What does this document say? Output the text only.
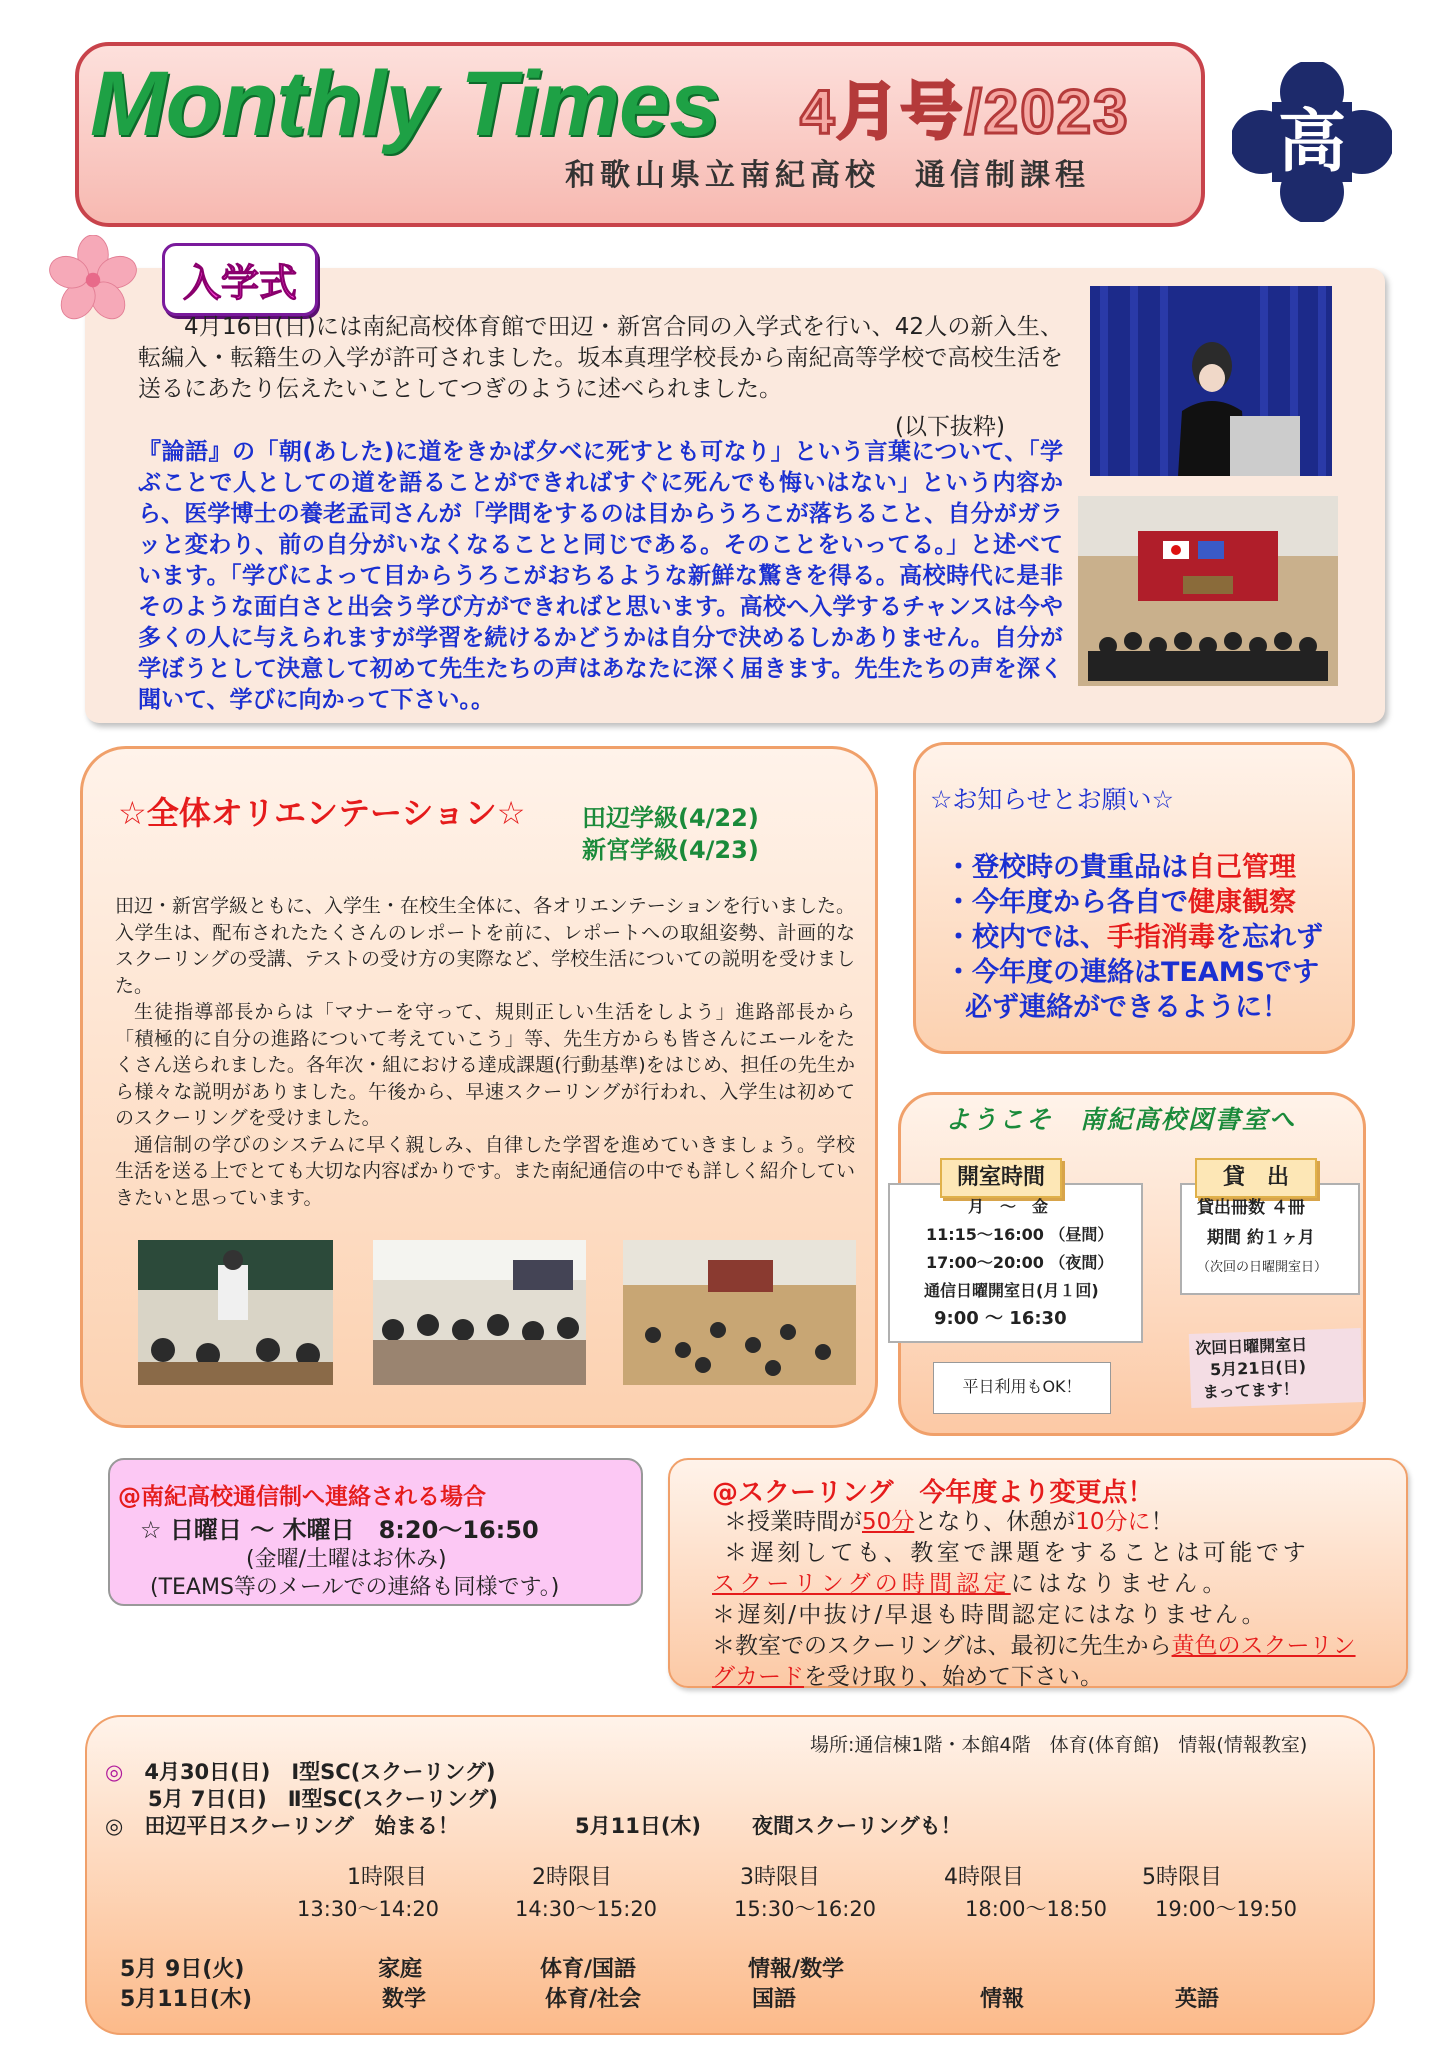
Monthly Times 4月号/2023
和歌山県立南紀高校　通信制課程	高
入学式

4月16日(日)には南紀高校体育館で田辺・新宮合同の入学式を行い、42人の新入生、転編入・転籍生の入学が許可されました。坂本真理学校長から南紀高等学校で高校生活を送るにあたり伝えたいことしてつぎのように述べられました。

(以下抜粋)
『論語』の「朝(あした)に道をきかば夕べに死すとも可なり」という言葉について、「学ぶことで人としての道を語ることができればすぐに死んでも悔いはない」という内容から、医学博士の養老孟司さんが「学問をするのは目からうろこが落ちること、自分がガラッと変わり、前の自分がいなくなることと同じである。そのことをいってる。」と述べています。「学びによって目からうろこがおちるような新鮮な驚きを得る。高校時代に是非そのような面白さと出会う学び方ができればと思います。高校へ入学するチャンスは今や多くの人に与えられますが学習を続けるかどうかは自分で決めるしかありません。自分が学ぼうとして決意して初めて先生たちの声はあなたに深く届きます。先生たちの声を深く聞いて、学びに向かって下さい。。
☆全体オリエンテーション☆ 田辺学級(4/22)
新宮学級(4/23)

田辺・新宮学級ともに、入学生・在校生全体に、各オリエンテーションを行いました。入学生は、配布されたたくさんのレポートを前に、レポートへの取組姿勢、計画的なスクーリングの受講、テストの受け方の実際など、学校生活についての説明を受けました。

生徒指導部長からは「マナーを守って、規則正しい生活をしよう」進路部長から「積極的に自分の進路について考えていこう」等、先生方からも皆さんにエールをたくさん送られました。各年次・組における達成課題(行動基準)をはじめ、担任の先生から様々な説明がありました。午後から、早速スクーリングが行われ、入学生は初めてのスクーリングを受けました。

通信制の学びのシステムに早く親しみ、自律した学習を進めていきましょう。学校生活を送る上でとても大切な内容ばかりです。また南紀通信の中でも詳しく紹介していきたいと思っています。

☆お知らせとお願い☆
・登校時の貴重品は自己管理
・今年度から各自で健康観察
・校内では、手指消毒を忘れず
・今年度の連絡はTEAMSです
必ず連絡ができるように！
ようこそ　南紀高校図書室へ
開室時間
月　～　金
11:15～16:00 （昼間）
17:00～20:00 （夜間）
通信日曜開室日(月１回)
9:00 ～ 16:30
貸　出
貸出冊数 ４冊
期間 約１ヶ月
（次回の日曜開室日）
平日利用もOK！
次回日曜開室日
5月21日(日)
まってます！
@南紀高校通信制へ連絡される場合
☆ 日曜日 ～ 木曜日　8:20～16:50
(金曜/土曜はお休み)
(TEAMS等のメールでの連絡も同様です。)
@スクーリング　今年度より変更点！
＊授業時間が50分となり、休憩が10分に！
＊遅刻しても、教室で課題をすることは可能です
スクーリングの時間認定にはなりません。
＊遅刻/中抜け/早退も時間認定にはなりません。
＊教室でのスクーリングは、最初に先生から黄色のスクーリン
グカードを受け取り、始めて下さい。
場所:通信棟1階・本館4階　体育(体育館)　情報(情報教室)
◎　 4月30日(日)　Ⅰ型SC(スクーリング)
　5月 7日(日)　Ⅱ型SC(スクーリング)
◎　 田辺平日スクーリング　始まる！	5月11日(木) 夜間スクーリングも！
1時限目	2時限目	3時限目	4時限目	5時限目
13:30～14:20	14:30～15:20	15:30～16:20	18:00～18:50 19:00～19:50
5月 9日(火)	家庭	体育/国語	情報/数学
5月11日(木)	数学	体育/社会	国語	情報	英語
